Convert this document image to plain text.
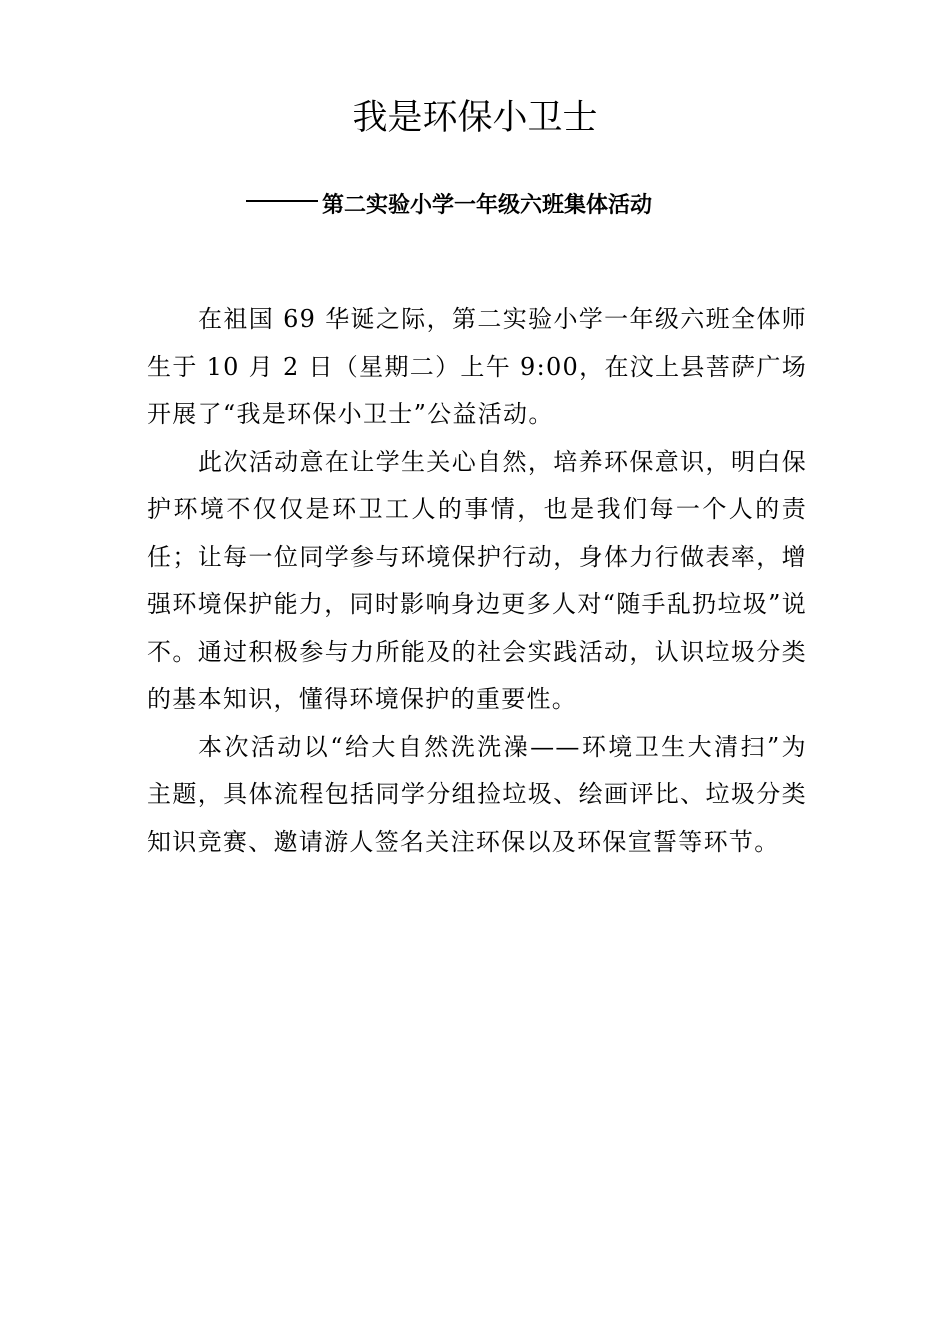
我是环保小卫士
第二实验小学一年级六班集体活动

在祖国 69 华诞之际，第二实验小学一年级六班全体师生于 10 月 2 日（星期二）上午 9:00，在汶上县菩萨广场开展了“我是环保小卫士”公益活动。

此次活动意在让学生关心自然，培养环保意识，明白保护环境不仅仅是环卫工人的事情，也是我们每一个人的责任；让每一位同学参与环境保护行动，身体力行做表率，增强环境保护能力，同时影响身边更多人对“随手乱扔垃圾”说不。通过积极参与力所能及的社会实践活动，认识垃圾分类的基本知识，懂得环境保护的重要性。

本次活动以“给大自然洗洗澡——环境卫生大清扫”为主题，具体流程包括同学分组捡垃圾、绘画评比、垃圾分类知识竞赛、邀请游人签名关注环保以及环保宣誓等环节。
